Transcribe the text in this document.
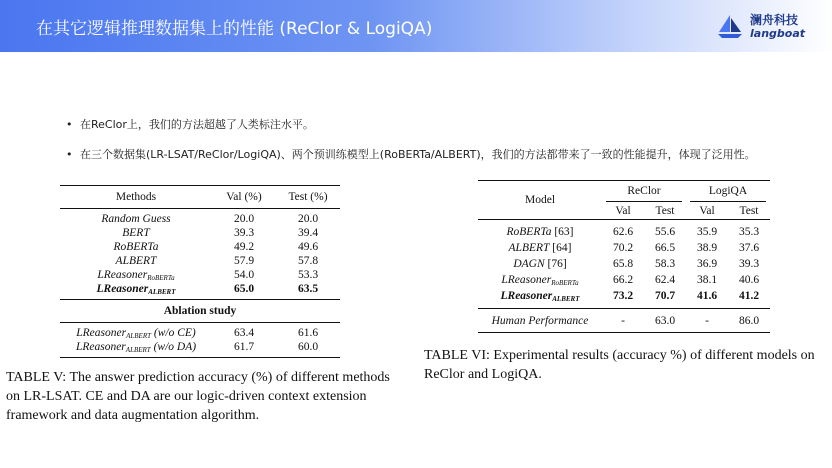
在其它逻辑推理数据集上的性能 (ReClor & LogiQA)	澜舟科技
langboat
• 在ReClor上，我们的方法超越了人类标注水平。
• 在三个数据集(LR-LSAT/ReClor/LogiQA)、两个预训练模型上(RoBERTa/ALBERT)，我们的方法都带来了一致的性能提升，体现了泛用性。
Methods	Val (%)	Test (%)
Random Guess	20.0	20.0
BERT	39.3	39.4
RoBERTa	49.2	49.6
ALBERT	57.9	57.8
LReasoner$_{RoBERTa}$	54.0	53.3
LReasoner$_{ALBERT}$	65.0	63.5
Ablation study
LReasoner$_{ALBERT}$ (w/o CE)	63.4	61.6
LReasoner$_{ALBERT}$ (w/o DA)	61.7	60.0
TABLE V: The answer prediction accuracy (%) of different methods on LR-LSAT. CE and DA are our logic-driven context extension framework and data augmentation algorithm.
Model
ReClor	LogiQA
Val	Test	Val	Test
RoBERTa [63]	62.6	55.6	35.9	35.3
ALBERT [64]	70.2	66.5	38.9	37.6
DAGN [76]	65.8	58.3	36.9	39.3
LReasoner$_{RoBERTa}$	66.2	62.4	38.1	40.6
LReasoner$_{ALBERT}$	73.2	70.7	41.6	41.2
Human Performance	-	63.0	-	86.0
TABLE VI: Experimental results (accuracy %) of different models on ReClor and LogiQA.
